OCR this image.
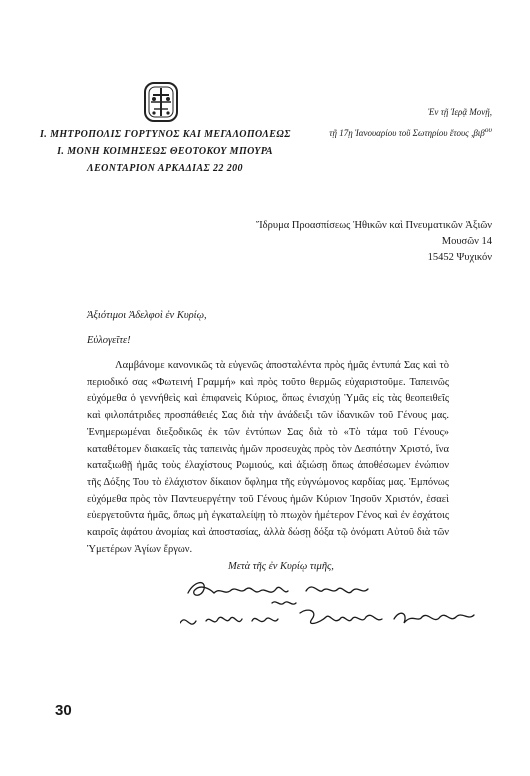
Ι. ΜΗΤΡΟΠΟΛΙΣ ΓΟΡΤΥΝΟΣ ΚΑΙ ΜΕΓΑΛΟΠΟΛΕΩΣ
Ι. ΜΟΝΗ ΚΟΙΜΗΣΕΩΣ ΘΕΟΤΟΚΟΥ ΜΠΟΥΡΑ
ΛΕΟΝΤΑΡΙΟΝ ΑΡΚΑΔΙΑΣ 22 200
Ἐν τῇ Ἱερᾷ Μονῇ,
τῇ 17ῃ Ἰανουαρίου τοῦ Σωτηρίου ἔτους ,βιβ$^{o\upsilon}$
Ἵδρυμα Προασπίσεως Ἠθικῶν καὶ Πνευματικῶν Ἀξιῶν
Μουσῶν 14
15452 Ψυχικόν
Ἀξιότιμοι Ἀδελφοὶ ἐν Κυρίῳ,
Εὐλογεῖτε!
Λαμβάνομε κανονικῶς τὰ εὐγενῶς ἀποσταλέντα πρὸς ἡμᾶς ἐντυπά Σας καὶ τὸ περιοδικό σας «Φωτεινή Γραμμή» καὶ πρὸς τοῦτο θερμῶς εὐχαριστοῦμε. Ταπεινῶς εὐχόμεθα ὁ γεννήθεὶς καὶ ἐπιφανεὶς Κύριος, ὅπως ἐνισχύῃ Ὑμᾶς εἰς τὰς θεοπειθεῖς καὶ φιλοπάτριδες προσπάθειές Σας διὰ τὴν ἀνάδειξι τῶν ἰδανικῶν τοῦ Γένους μας. Ἐνημερωμέναι διεξοδικῶς ἐκ τῶν ἐντύπων Σας διὰ τὸ «Τὸ τάμα τοῦ Γένους» καταθέτομεν διακαεῖς τὰς ταπεινὰς ἡμῶν προσευχὰς πρὸς τὸν Δεσπότην Χριστό, ἵνα καταξιωθῇ ἡμᾶς τοὺς ἐλαχίστους Ρωμιούς, καὶ ἀξιώσῃ ὅπως ἀποθέσωμεν ἐνώπιον τῆς Δόξης Του τὸ ἐλάχιστον δίκαιον ὄφλημα τῆς εὐγνώμονος καρδίας μας. Ἐμπόνως εὐχόμεθα πρὸς τὸν Παντευεργέτην τοῦ Γένους ἡμῶν Κύριον Ἰησοῦν Χριστόν, ἐσαεὶ εὐεργετοῦντα ἡμᾶς, ὅπως μὴ ἐγκαταλείψῃ τὸ πτωχὸν ἡμέτερον Γένος καὶ ἐν ἐσχάτοις καιροῖς ἀφάτου ἀνομίας καὶ ἀποστασίας, ἀλλὰ δώσῃ δόξα τῷ ὀνόματι Αὐτοῦ διὰ τῶν Ὑμετέρων Ἁγίων ἔργων.
Μετὰ τῆς ἐν Κυρίῳ τιμῆς,
30
